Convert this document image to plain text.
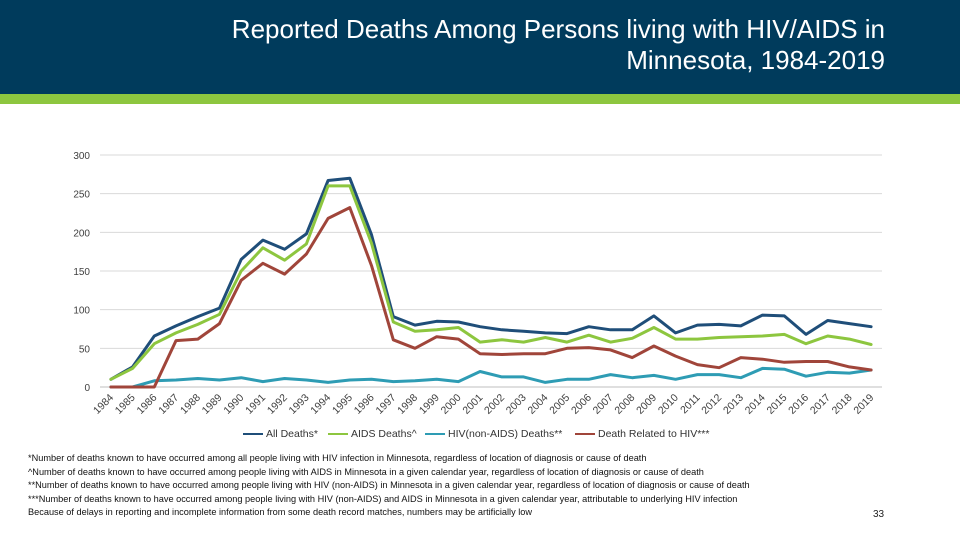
Reported Deaths Among Persons living with HIV/AIDS in Minnesota, 1984-2019
0
50
100
150
200
250
300
1984
1985
1986
1987
1988
1989
1990
1991
1992
1993
1994
1995
1996
1997
1998
1999
2000
2001
2002
2003
2004
2005
2006
2007
2008
2009
2010
2011
2012
2013
2014
2015
2016
2017
2018
2019
All Deaths*	AIDS Deaths^	HIV(non-AIDS) Deaths**	Death Related to HIV***
*Number of deaths known to have occurred among all people living with HIV infection in Minnesota, regardless of location of diagnosis or cause of death
^Number of deaths known to have occurred among people living with AIDS in Minnesota in a given calendar year, regardless of location of diagnosis or cause of death
**Number of deaths known to have occurred among people living with HIV (non-AIDS) in Minnesota in a given calendar year, regardless of location of diagnosis or cause of death
***Number of deaths known to have occurred among people living with HIV (non-AIDS) and AIDS in Minnesota in a given calendar year, attributable to underlying HIV infection
Because of delays in reporting and incomplete information from some death record matches, numbers may be artificially low	33
